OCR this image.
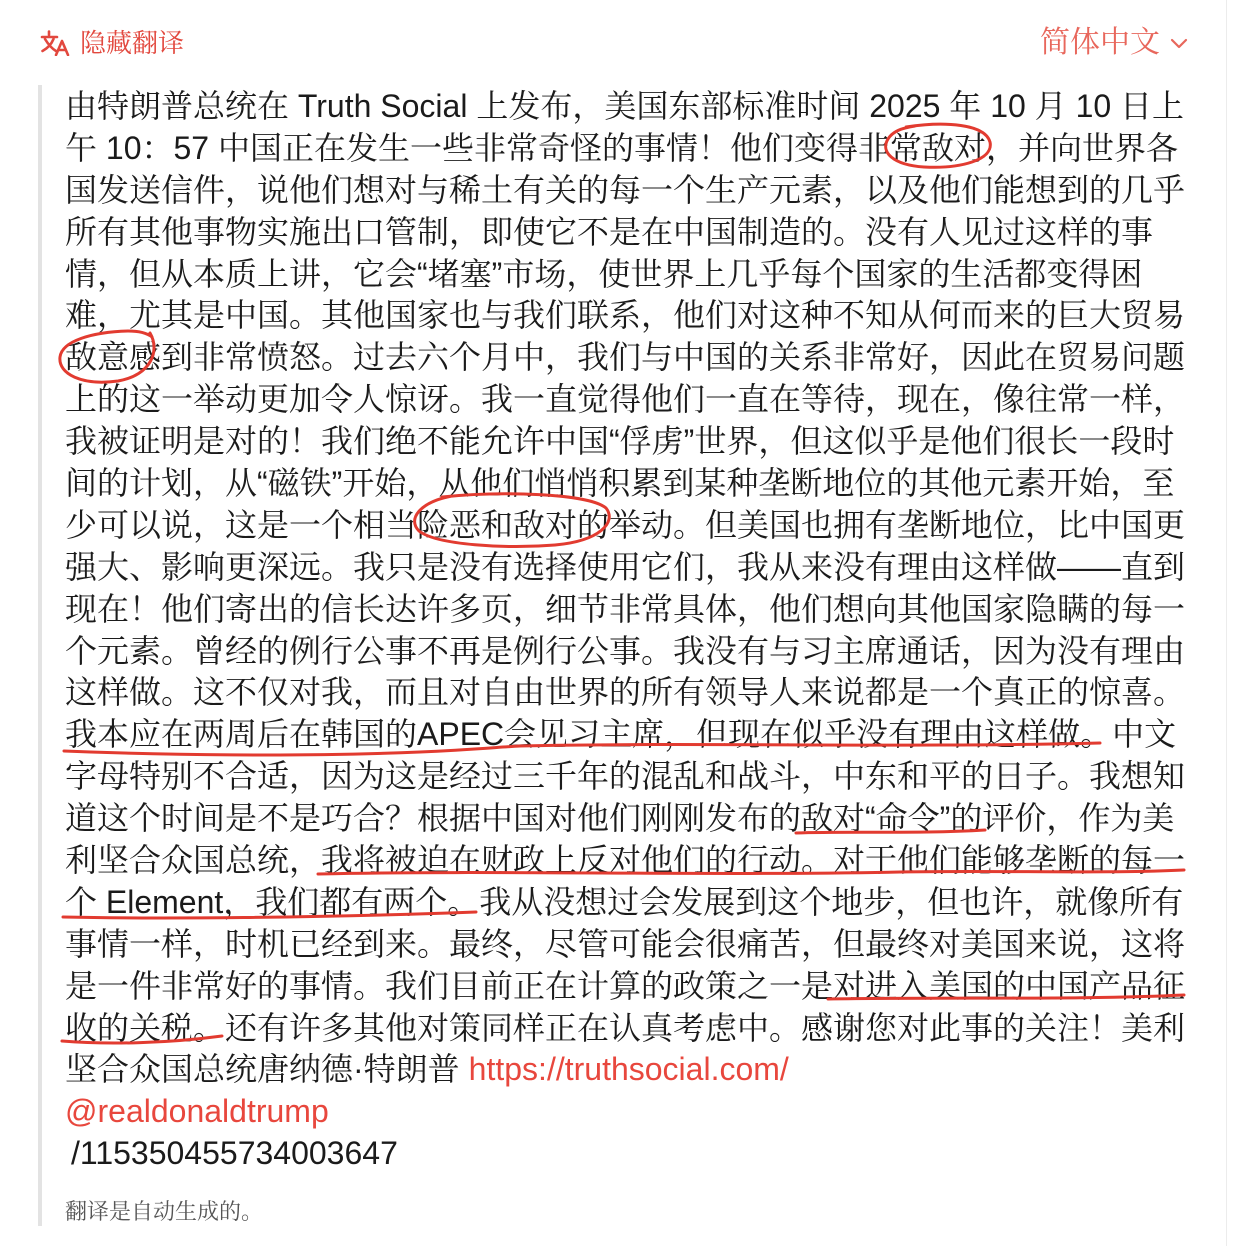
隐藏翻译	简体中文
由特朗普总统在 Truth Social 上发布，美国东部标准时间 2025 年 10 月 10 日上
午 10：57 中国正在发生一些非常奇怪的事情！他们变得非常敌对，并向世界各
国发送信件，说他们想对与稀土有关的每一个生产元素，以及他们能想到的几乎
所有其他事物实施出口管制，即使它不是在中国制造的。没有人见过这样的事
情，但从本质上讲，它会“堵塞”市场，使世界上几乎每个国家的生活都变得困
难，尤其是中国。其他国家也与我们联系，他们对这种不知从何而来的巨大贸易
敌意感到非常愤怒。过去六个月中，我们与中国的关系非常好，因此在贸易问题
上的这一举动更加令人惊讶。我一直觉得他们一直在等待，现在，像往常一样，
我被证明是对的！我们绝不能允许中国“俘虏”世界，但这似乎是他们很长一段时
间的计划，从“磁铁”开始，从他们悄悄积累到某种垄断地位的其他元素开始，至
少可以说，这是一个相当险恶和敌对的举动。但美国也拥有垄断地位，比中国更
强大、影响更深远。我只是没有选择使用它们，我从来没有理由这样做——直到
现在！他们寄出的信长达许多页，细节非常具体，他们想向其他国家隐瞒的每一
个元素。曾经的例行公事不再是例行公事。我没有与习主席通话，因为没有理由
这样做。这不仅对我，而且对自由世界的所有领导人来说都是一个真正的惊喜。
我本应在两周后在韩国的APEC会见习主席，但现在似乎没有理由这样做。中文
字母特别不合适，因为这是经过三千年的混乱和战斗，中东和平的日子。我想知
道这个时间是不是巧合？根据中国对他们刚刚发布的敌对“命令”的评价，作为美
利坚合众国总统，我将被迫在财政上反对他们的行动。对于他们能够垄断的每一
个 Element，我们都有两个。我从没想过会发展到这个地步，但也许，就像所有
事情一样，时机已经到来。最终，尽管可能会很痛苦，但最终对美国来说，这将
是一件非常好的事情。我们目前正在计算的政策之一是对进入美国的中国产品征
收的关税。还有许多其他对策同样正在认真考虑中。感谢您对此事的关注！美利
坚合众国总统唐纳德·特朗普 https://truthsocial.com/
@realdonaldtrump
/115350455734003647
翻译是自动生成的。
